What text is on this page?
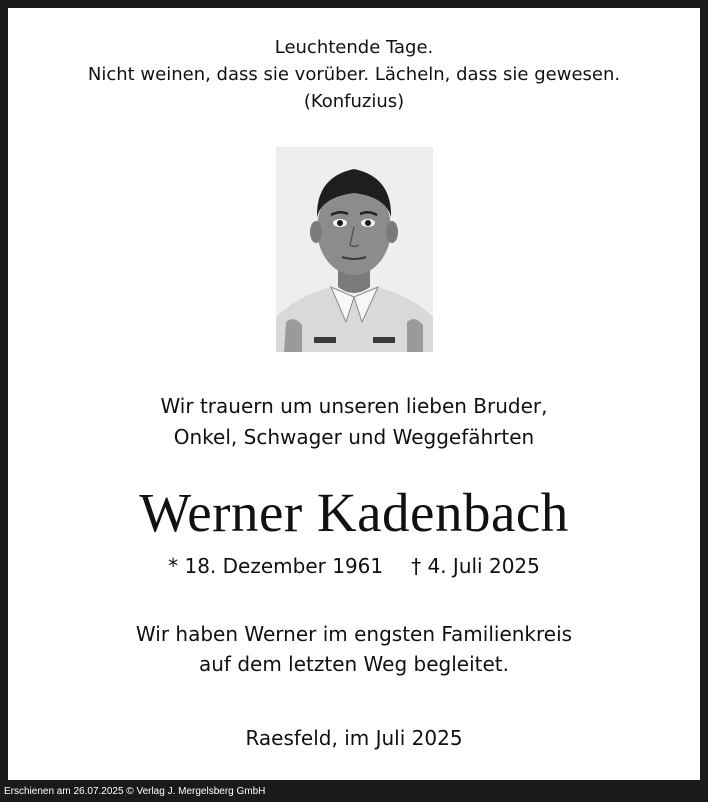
Leuchtende Tage.
Nicht weinen, dass sie vorüber. Lächeln, dass sie gewesen.
(Konfuzius)
Wir trauern um unseren lieben Bruder,
Onkel, Schwager und Weggefährten
Werner Kadenbach
* 18. Dezember 1961 † 4. Juli 2025
Wir haben Werner im engsten Familienkreis
auf dem letzten Weg begleitet.
Raesfeld, im Juli 2025
Erschienen am 26.07.2025 © Verlag J. Mergelsberg GmbH
